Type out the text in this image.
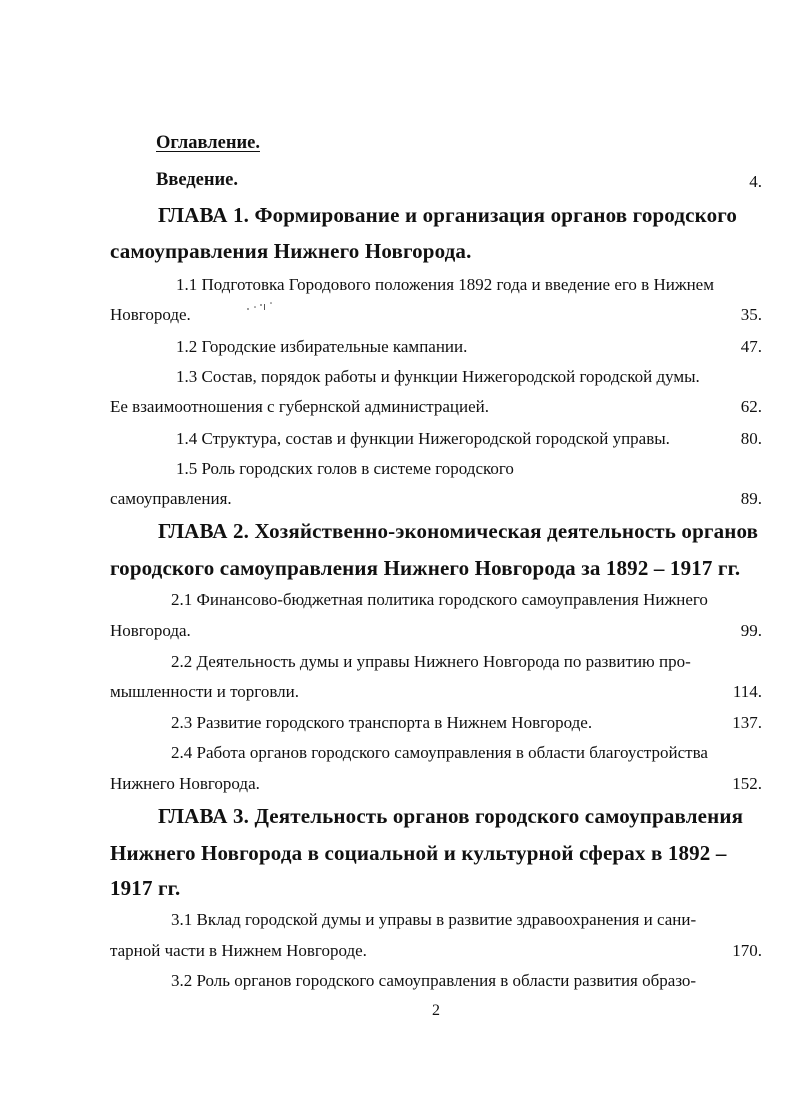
Оглавление.
Введение.	4.
ГЛАВА 1. Формирование и организация органов городского
самоуправления Нижнего Новгорода.
1.1 Подготовка Городового положения 1892 года и введение его в Нижнем
Новгороде.	35.
1.2 Городские избирательные кампании.	47.
1.3 Состав, порядок работы и функции Нижегородской городской думы.
Ее взаимоотношения с губернской администрацией.	62.
1.4 Структура, состав и функции Нижегородской городской управы.	80.
1.5 Роль городских голов в системе городского
самоуправления.	89.
ГЛАВА 2. Хозяйственно-экономическая деятельность органов
городского самоуправления Нижнего Новгорода за 1892 – 1917 гг.
2.1 Финансово-бюджетная политика городского самоуправления Нижнего
Новгорода.	99.
2.2 Деятельность думы и управы Нижнего Новгорода по развитию про-
мышленности и торговли.	114.
2.3 Развитие городского транспорта в Нижнем Новгороде.	137.
2.4 Работа органов городского самоуправления в области благоустройства
Нижнего Новгорода.	152.
ГЛАВА 3. Деятельность органов городского самоуправления
Нижнего Новгорода в социальной и культурной сферах в 1892 –
1917 гг.
3.1 Вклад городской думы и управы в развитие здравоохранения и сани-
тарной части в Нижнем Новгороде.	170.
3.2 Роль органов городского самоуправления в области развития образо-
2
